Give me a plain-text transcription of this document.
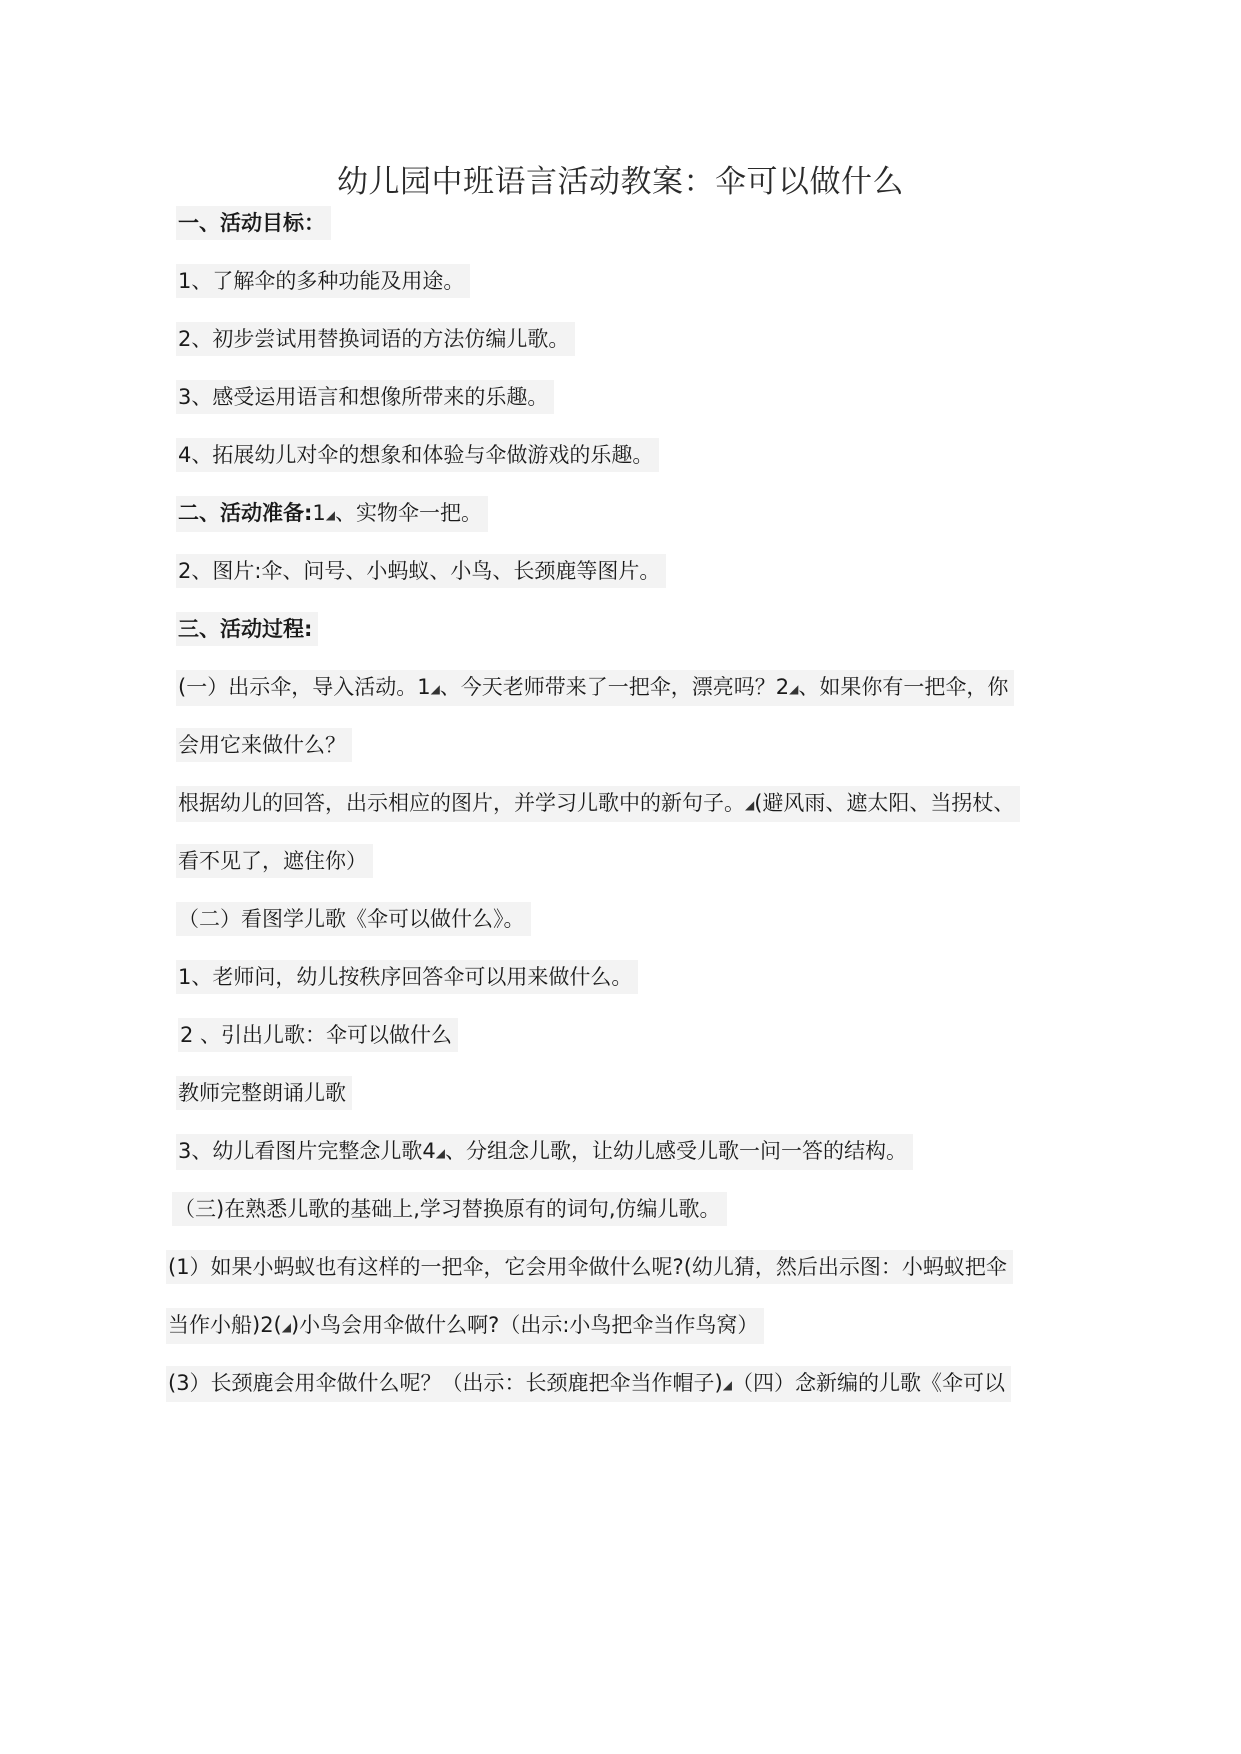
幼儿园中班语言活动教案：伞可以做什么
一、活动目标：
1、了解伞的多种功能及用途。
2、初步尝试用替换词语的方法仿编儿歌。
3、感受运用语言和想像所带来的乐趣。
4、拓展幼儿对伞的想象和体验与伞做游戏的乐趣。
二、活动准备:1◢、实物伞一把。
2、图片:伞、问号、小蚂蚁、小鸟、长颈鹿等图片。
三、活动过程:
(一）出示伞，导入活动。1◢、今天老师带来了一把伞，漂亮吗？2◢、如果你有一把伞，你
会用它来做什么？
根据幼儿的回答，出示相应的图片，并学习儿歌中的新句子。◢(避风雨、遮太阳、当拐杖、
看不见了，遮住你）
（二）看图学儿歌《伞可以做什么》。
1、老师问，幼儿按秩序回答伞可以用来做什么。
2 、引出儿歌：伞可以做什么
教师完整朗诵儿歌
3、幼儿看图片完整念儿歌4◢、分组念儿歌，让幼儿感受儿歌一问一答的结构。
（三)在熟悉儿歌的基础上,学习替换原有的词句,仿编儿歌。
(1）如果小蚂蚁也有这样的一把伞，它会用伞做什么呢?(幼儿猜，然后出示图：小蚂蚁把伞
当作小船)2(◢)小鸟会用伞做什么啊?（出示:小鸟把伞当作鸟窝）
(3）长颈鹿会用伞做什么呢？（出示：长颈鹿把伞当作帽子)◢（四）念新编的儿歌《伞可以
